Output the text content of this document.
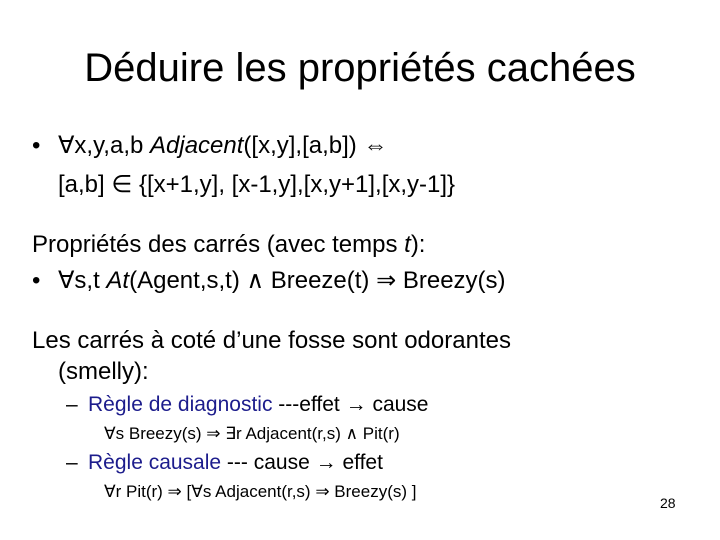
Déduire les propriétés cachées
• ∀x,y,a,b Adjacent([x,y],[a,b]) ⇔
[a,b] ∈ {[x+1,y], [x-1,y],[x,y+1],[x,y-1]}
Propriétés des carrés (avec temps t):
• ∀s,t At(Agent,s,t) ∧ Breeze(t) ⇒ Breezy(s)
Les carrés à coté d’une fosse sont odorantes
(smelly):
– Règle de diagnostic ---effet → cause
∀s Breezy(s) ⇒ ∃r Adjacent(r,s) ∧ Pit(r)
– Règle causale --- cause → effet
∀r Pit(r) ⇒ [∀s Adjacent(r,s) ⇒ Breezy(s) ]
28
